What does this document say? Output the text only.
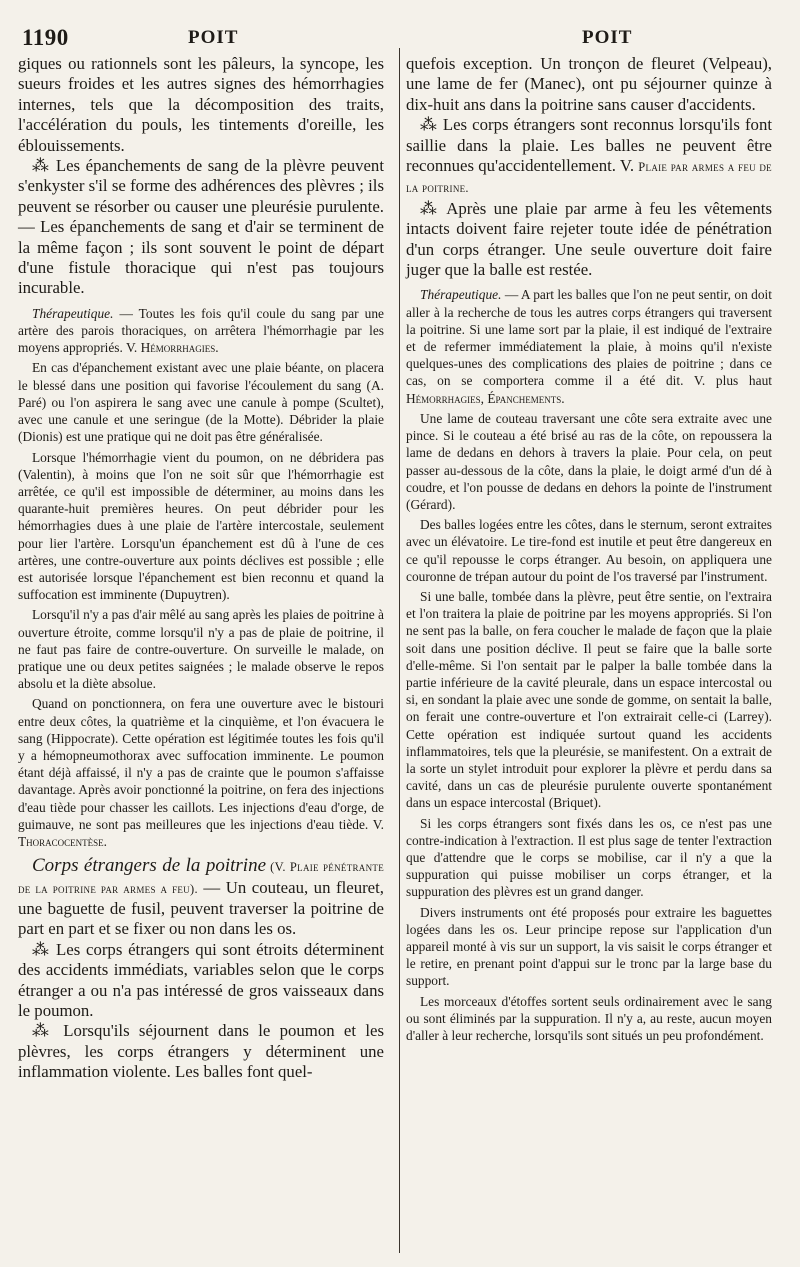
1190	POIT	POIT

giques ou rationnels sont les pâleurs, la syncope, les sueurs froides et les autres signes des hémorrhagies internes, tels que la décomposition des traits, l'accélération du pouls, les tintements d'oreille, les éblouissements.

⁂ Les épanchements de sang de la plèvre peuvent s'enkyster s'il se forme des adhérences des plèvres ; ils peuvent se résorber ou causer une pleurésie purulente. — Les épanchements de sang et d'air se terminent de la même façon ; ils sont souvent le point de départ d'une fistule thoracique qui n'est pas toujours incurable.

Thérapeutique. — Toutes les fois qu'il coule du sang par une artère des parois thoraciques, on arrêtera l'hémorrhagie par les moyens appropriés. V. Hémorrhagies.

En cas d'épanchement existant avec une plaie béante, on placera le blessé dans une position qui favorise l'écoulement du sang (A. Paré) ou l'on aspirera le sang avec une canule à pompe (Scultet), avec une canule et une seringue (de la Motte). Débrider la plaie (Dionis) est une pratique qui ne doit pas être généralisée.

Lorsque l'hémorrhagie vient du poumon, on ne débridera pas (Valentin), à moins que l'on ne soit sûr que l'hémorrhagie est arrêtée, ce qu'il est impossible de déterminer, au moins dans les quarante-huit premières heures. On peut débrider pour les hémorrhagies dues à une plaie de l'artère intercostale, seulement pour lier l'artère. Lorsqu'un épanchement est dû à l'une de ces artères, une contre-ouverture aux points déclives est possible ; elle est autorisée lorsque l'épanchement est bien reconnu et quand la suffocation est imminente (Dupuytren).

Lorsqu'il n'y a pas d'air mêlé au sang après les plaies de poitrine à ouverture étroite, comme lorsqu'il n'y a pas de plaie de poitrine, il ne faut pas faire de contre-ouverture. On surveille le malade, on pratique une ou deux petites saignées ; le malade observe le repos absolu et la diète absolue.

Quand on ponctionnera, on fera une ouverture avec le bistouri entre deux côtes, la quatrième et la cinquième, et l'on évacuera le sang (Hippocrate). Cette opération est légitimée toutes les fois qu'il y a hémopneumothorax avec suffocation imminente. Le poumon étant déjà affaissé, il n'y a pas de crainte que le poumon s'affaisse davantage. Après avoir ponctionné la poitrine, on fera des injections d'eau tiède pour chasser les caillots. Les injections d'eau d'orge, de guimauve, ne sont pas meilleures que les injections d'eau tiède. V. Thoracocentèse.

Corps étrangers de la poitrine (V. Plaie pénétrante de la poitrine par armes a feu). — Un couteau, un fleuret, une baguette de fusil, peuvent traverser la poitrine de part en part et se fixer ou non dans les os.

⁂ Les corps étrangers qui sont étroits déterminent des accidents immédiats, variables selon que le corps étranger a ou n'a pas intéressé de gros vaisseaux dans le poumon.

⁂ Lorsqu'ils séjournent dans le poumon et les plèvres, les corps étrangers y déterminent une inflammation violente. Les balles font quel-

quefois exception. Un tronçon de fleuret (Velpeau), une lame de fer (Manec), ont pu séjourner quinze à dix-huit ans dans la poitrine sans causer d'accidents.

⁂ Les corps étrangers sont reconnus lorsqu'ils font saillie dans la plaie. Les balles ne peuvent être reconnues qu'accidentellement. V. Plaie par armes a feu de la poitrine.

⁂ Après une plaie par arme à feu les vêtements intacts doivent faire rejeter toute idée de pénétration d'un corps étranger. Une seule ouverture doit faire juger que la balle est restée.

Thérapeutique. — A part les balles que l'on ne peut sentir, on doit aller à la recherche de tous les autres corps étrangers qui traversent la poitrine. Si une lame sort par la plaie, il est indiqué de l'extraire et de refermer immédiatement la plaie, à moins qu'il n'existe quelques-unes des complications des plaies de poitrine ; dans ce cas, on se comportera comme il a été dit. V. plus haut Hémorrhagies, Épanchements.

Une lame de couteau traversant une côte sera extraite avec une pince. Si le couteau a été brisé au ras de la côte, on repoussera la lame de dedans en dehors à travers la plaie. Pour cela, on peut passer au-dessous de la côte, dans la plaie, le doigt armé d'un dé à coudre, et l'on pousse de dedans en dehors la pointe de l'instrument (Gérard).

Des balles logées entre les côtes, dans le sternum, seront extraites avec un élévatoire. Le tire-fond est inutile et peut être dangereux en ce qu'il repousse le corps étranger. Au besoin, on appliquera une couronne de trépan autour du point de l'os traversé par l'instrument.

Si une balle, tombée dans la plèvre, peut être sentie, on l'extraira et l'on traitera la plaie de poitrine par les moyens appropriés. Si l'on ne sent pas la balle, on fera coucher le malade de façon que la plaie soit dans une position déclive. Il peut se faire que la balle sorte d'elle-même. Si l'on sentait par le palper la balle tombée dans la partie inférieure de la cavité pleurale, dans un espace intercostal ou si, en sondant la plaie avec une sonde de gomme, on sentait la balle, on ferait une contre-ouverture et l'on extrairait celle-ci (Larrey). Cette opération est indiquée surtout quand les accidents inflammatoires, tels que la pleurésie, se manifestent. On a extrait de la sorte un stylet introduit pour explorer la plèvre et perdu dans sa cavité, dans un cas de pleurésie purulente ouverte spontanément dans un espace intercostal (Briquet).

Si les corps étrangers sont fixés dans les os, ce n'est pas une contre-indication à l'extraction. Il est plus sage de tenter l'extraction que d'attendre que le corps se mobilise, car il n'y a que la suppuration qui puisse mobiliser un corps étranger, et la suppuration des plèvres est un grand danger.

Divers instruments ont été proposés pour extraire les baguettes logées dans les os. Leur principe repose sur l'application d'un appareil monté à vis sur un support, la vis saisit le corps étranger et le retire, en prenant point d'appui sur le tronc par la large base du support.

Les morceaux d'étoffes sortent seuls ordinairement avec le sang ou sont éliminés par la suppuration. Il n'y a, au reste, aucun moyen d'aller à leur recherche, lorsqu'ils sont situés un peu profondément.
